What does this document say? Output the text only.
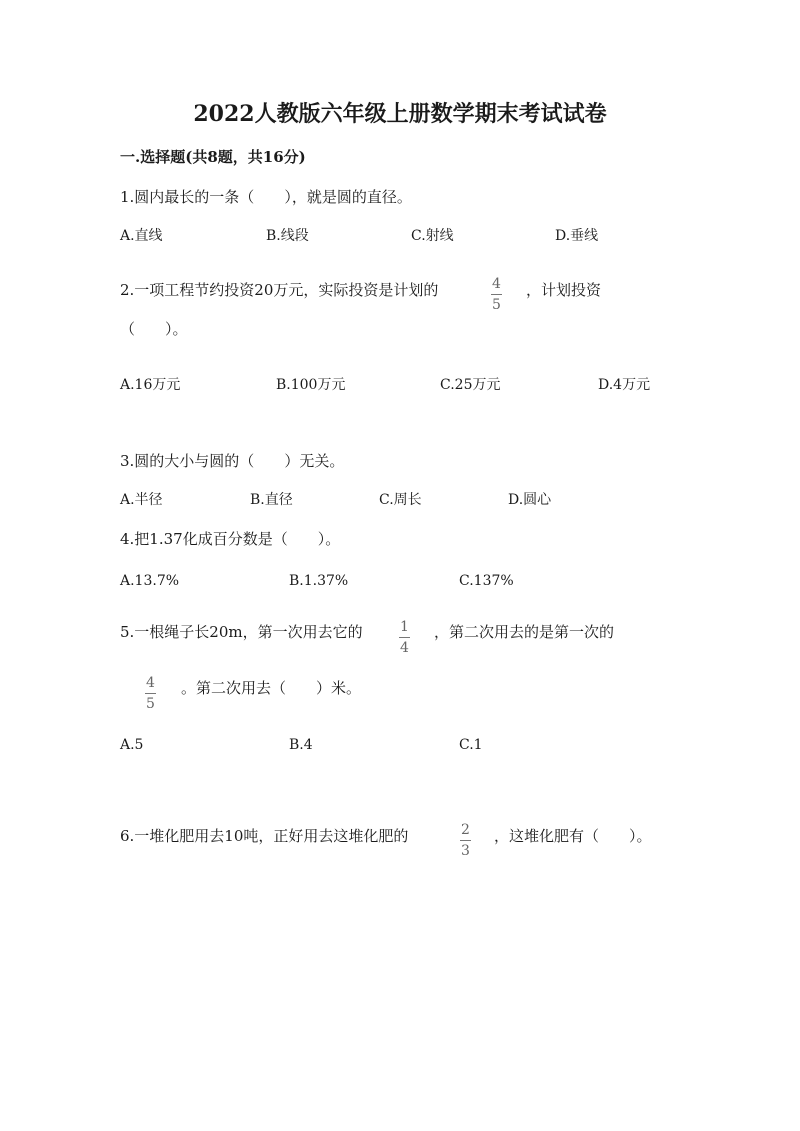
2022人教版六年级上册数学期末考试试卷
一.选择题(共8题，共16分)
1.圆内最长的一条（　　），就是圆的直径。
A.直线	B.线段	C.射线	D.垂线
2.一项工程节约投资20万元，实际投资是计划的	4
5
，计划投资
（　　）。
A.16万元	B.100万元	C.25万元	D.4万元
3.圆的大小与圆的（　　）无关。
A.半径	B.直径	C.周长	D.圆心
4.把1.37化成百分数是（　　）。
A.13.7%	B.1.37%	C.137%
5.一根绳子长20m，第一次用去它的	1
4
，第二次用去的是第一次的
4
5
。第二次用去（　　）米。
A.5	B.4	C.1
6.一堆化肥用去10吨，正好用去这堆化肥的	2
3
，这堆化肥有（　　）。
